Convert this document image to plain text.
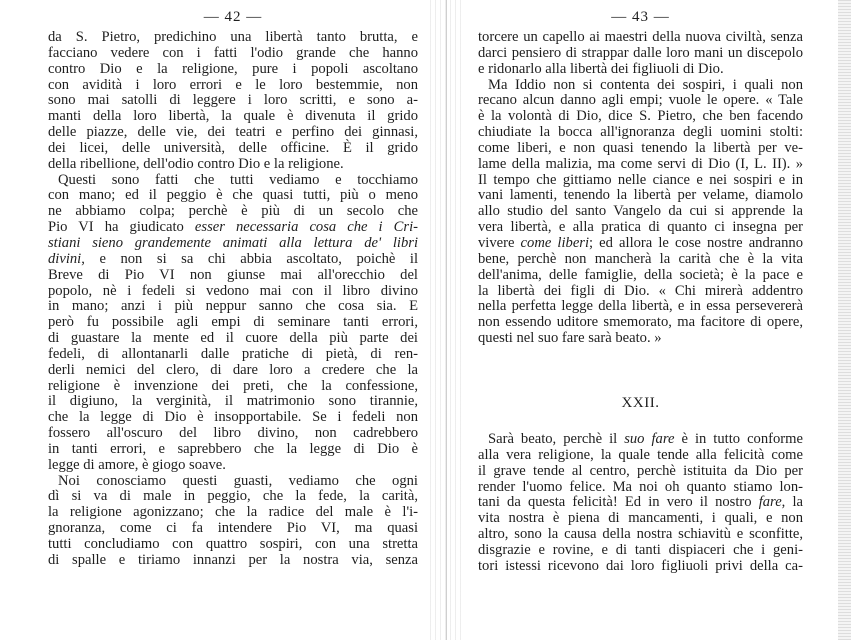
— 42 —	— 43 —
da S. Pietro, predichino una libertà tanto brutta, e
facciano vedere con i fatti l'odio grande che hanno
contro Dio e la religione, pure i popoli ascoltano
con avidità i loro errori e le loro bestemmie, non
sono mai satolli di leggere i loro scritti, e sono a-
manti della loro libertà, la quale è divenuta il grido
delle piazze, delle vie, dei teatri e perfino dei ginnasi,
dei licei, delle università, delle officine. È il grido
della ribellione, dell'odio contro Dio e la religione.
Questi sono fatti che tutti vediamo e tocchiamo
con mano; ed il peggio è che quasi tutti, più o meno
ne abbiamo colpa; perchè è più di un secolo che
Pio VI ha giudicato esser necessaria cosa che i Cri-
stiani sieno grandemente animati alla lettura de' libri
divini, e non si sa chi abbia ascoltato, poichè il
Breve di Pio VI non giunse mai all'orecchio del
popolo, nè i fedeli si vedono mai con il libro divino
in mano; anzi i più neppur sanno che cosa sia. E
però fu possibile agli empi di seminare tanti errori,
di guastare la mente ed il cuore della più parte dei
fedeli, di allontanarli dalle pratiche di pietà, di ren-
derli nemici del clero, di dare loro a credere che la
religione è invenzione dei preti, che la confessione,
il digiuno, la verginità, il matrimonio sono tirannie,
che la legge di Dio è insopportabile. Se i fedeli non
fossero all'oscuro del libro divino, non cadrebbero
in tanti errori, e saprebbero che la legge di Dio è
legge di amore, è giogo soave.
Noi conosciamo questi guasti, vediamo che ogni
dì si va di male in peggio, che la fede, la carità,
la religione agonizzano; che la radice del male è l'i-
gnoranza, come ci fa intendere Pio VI, ma quasi
tutti concludiamo con quattro sospiri, con una stretta
di spalle e tiriamo innanzi per la nostra via, senza
torcere un capello ai maestri della nuova civiltà, senza
darci pensiero di strappar dalle loro mani un discepolo
e ridonarlo alla libertà dei figliuoli di Dio.
Ma Iddio non si contenta dei sospiri, i quali non
recano alcun danno agli empi; vuole le opere. « Tale
è la volontà di Dio, dice S. Pietro, che ben facendo
chiudiate la bocca all'ignoranza degli uomini stolti:
come liberi, e non quasi tenendo la libertà per ve-
lame della malizia, ma come servi di Dio (I, L. II). »
Il tempo che gittiamo nelle ciance e nei sospiri e in
vani lamenti, tenendo la libertà per velame, diamolo
allo studio del santo Vangelo da cui si apprende la
vera libertà, e alla pratica di quanto ci insegna per
vivere come liberi; ed allora le cose nostre andranno
bene, perchè non mancherà la carità che è la vita
dell'anima, delle famiglie, della società; è la pace e
la libertà dei figli di Dio. « Chi mirerà addentro
nella perfetta legge della libertà, e in essa persevererà
non essendo uditore smemorato, ma facitore di opere,
questi nel suo fare sarà beato. »
XXII.
Sarà beato, perchè il suo fare è in tutto conforme
alla vera religione, la quale tende alla felicità come
il grave tende al centro, perchè istituita da Dio per
render l'uomo felice. Ma noi oh quanto stiamo lon-
tani da questa felicità! Ed in vero il nostro fare, la
vita nostra è piena di mancamenti, i quali, e non
altro, sono la causa della nostra schiavitù e sconfitte,
disgrazie e rovine, e di tanti dispiaceri che i geni-
tori istessi ricevono dai loro figliuoli privi della ca-
